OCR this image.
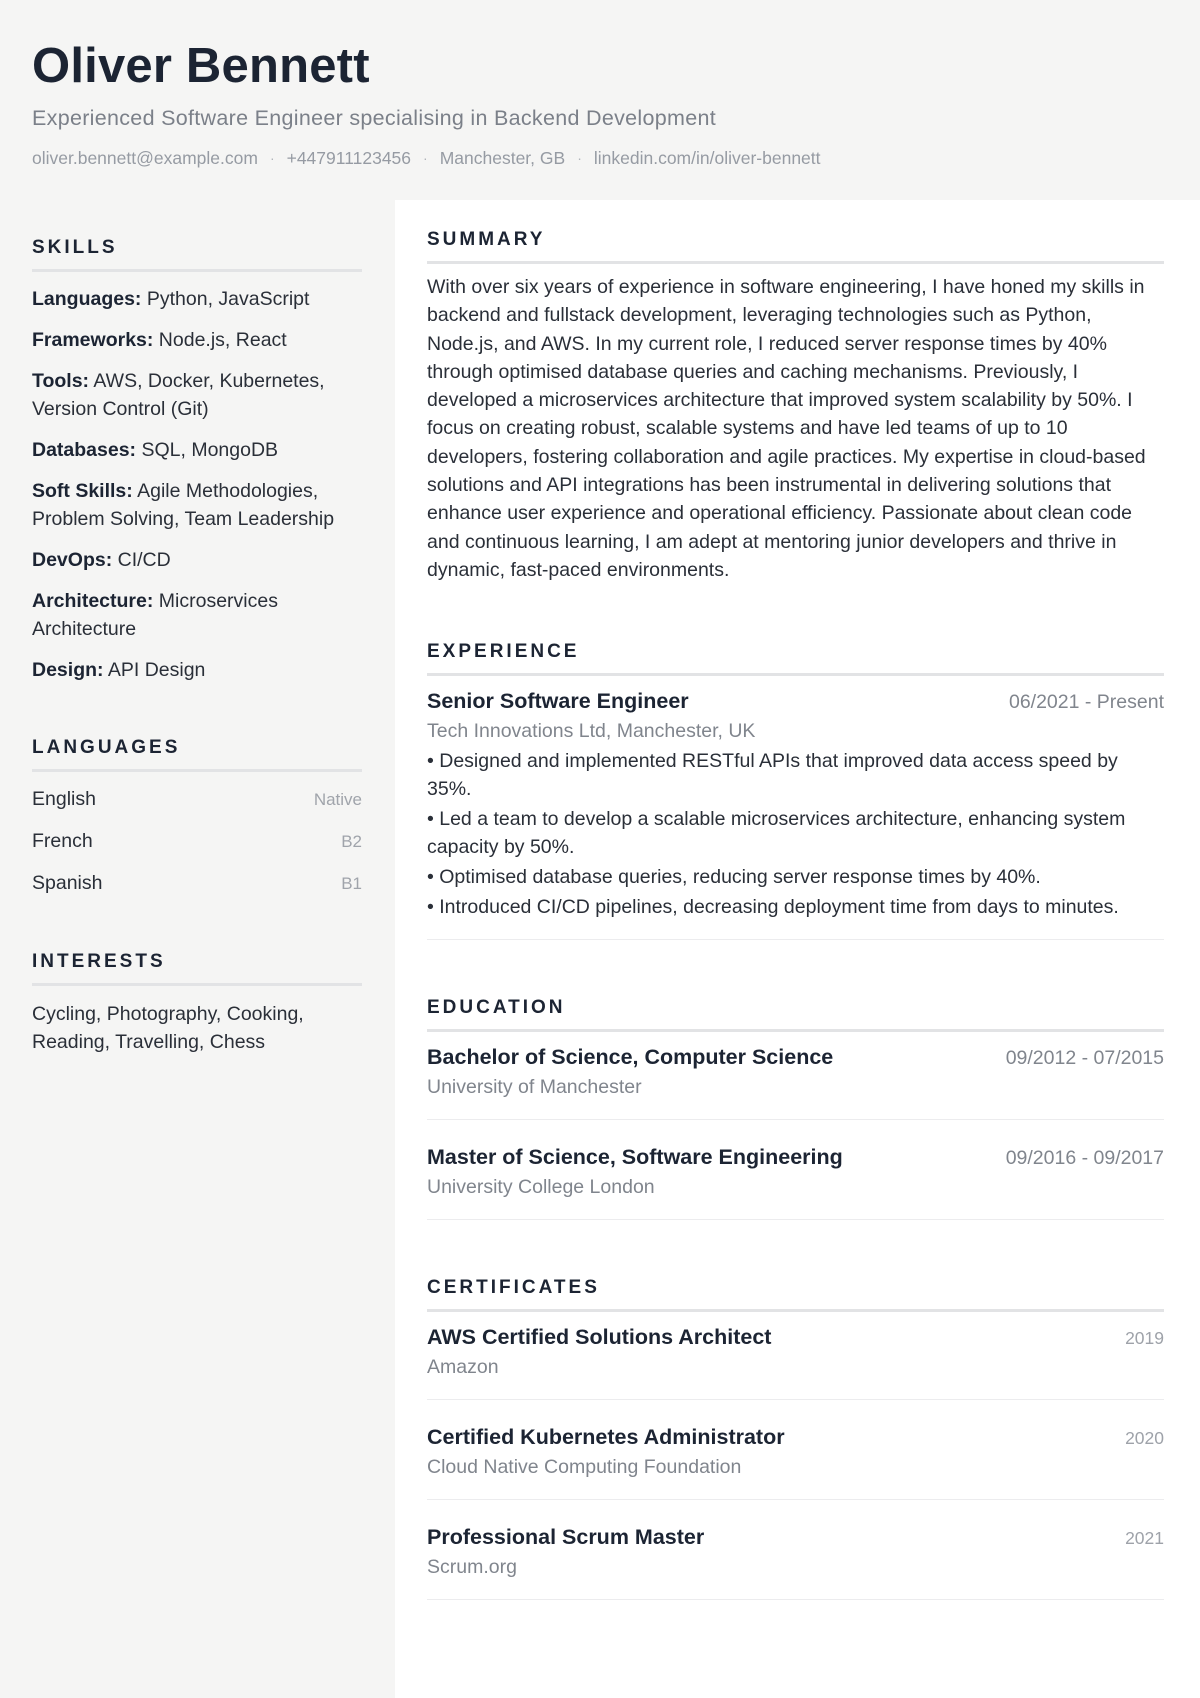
Oliver Bennett
Experienced Software Engineer specialising in Backend Development
oliver.bennett@example.com · +447911123456 · Manchester, GB · linkedin.com/in/oliver-bennett
SKILLS
Languages: Python, JavaScript
Frameworks: Node.js, React
Tools: AWS, Docker, Kubernetes, Version Control (Git)
Databases: SQL, MongoDB
Soft Skills: Agile Methodologies, Problem Solving, Team Leadership
DevOps: CI/CD
Architecture: Microservices Architecture
Design: API Design
LANGUAGES
English	Native
French	B2
Spanish	B1
INTERESTS
Cycling, Photography, Cooking, Reading, Travelling, Chess
SUMMARY
With over six years of experience in software engineering, I have honed my skills in backend and fullstack development, leveraging technologies such as Python, Node.js, and AWS. In my current role, I reduced server response times by 40% through optimised database queries and caching mechanisms. Previously, I developed a microservices architecture that improved system scalability by 50%. I focus on creating robust, scalable systems and have led teams of up to 10 developers, fostering collaboration and agile practices. My expertise in cloud-based solutions and API integrations has been instrumental in delivering solutions that enhance user experience and operational efficiency. Passionate about clean code and continuous learning, I am adept at mentoring junior developers and thrive in dynamic, fast-paced environments.
EXPERIENCE
Senior Software Engineer	06/2021 - Present
Tech Innovations Ltd, Manchester, UK
• Designed and implemented RESTful APIs that improved data access speed by 35%.
• Led a team to develop a scalable microservices architecture, enhancing system capacity by 50%.
• Optimised database queries, reducing server response times by 40%.
• Introduced CI/CD pipelines, decreasing deployment time from days to minutes.
EDUCATION
Bachelor of Science, Computer Science	09/2012 - 07/2015
University of Manchester
Master of Science, Software Engineering	09/2016 - 09/2017
University College London
CERTIFICATES
AWS Certified Solutions Architect	2019
Amazon
Certified Kubernetes Administrator	2020
Cloud Native Computing Foundation
Professional Scrum Master	2021
Scrum.org
